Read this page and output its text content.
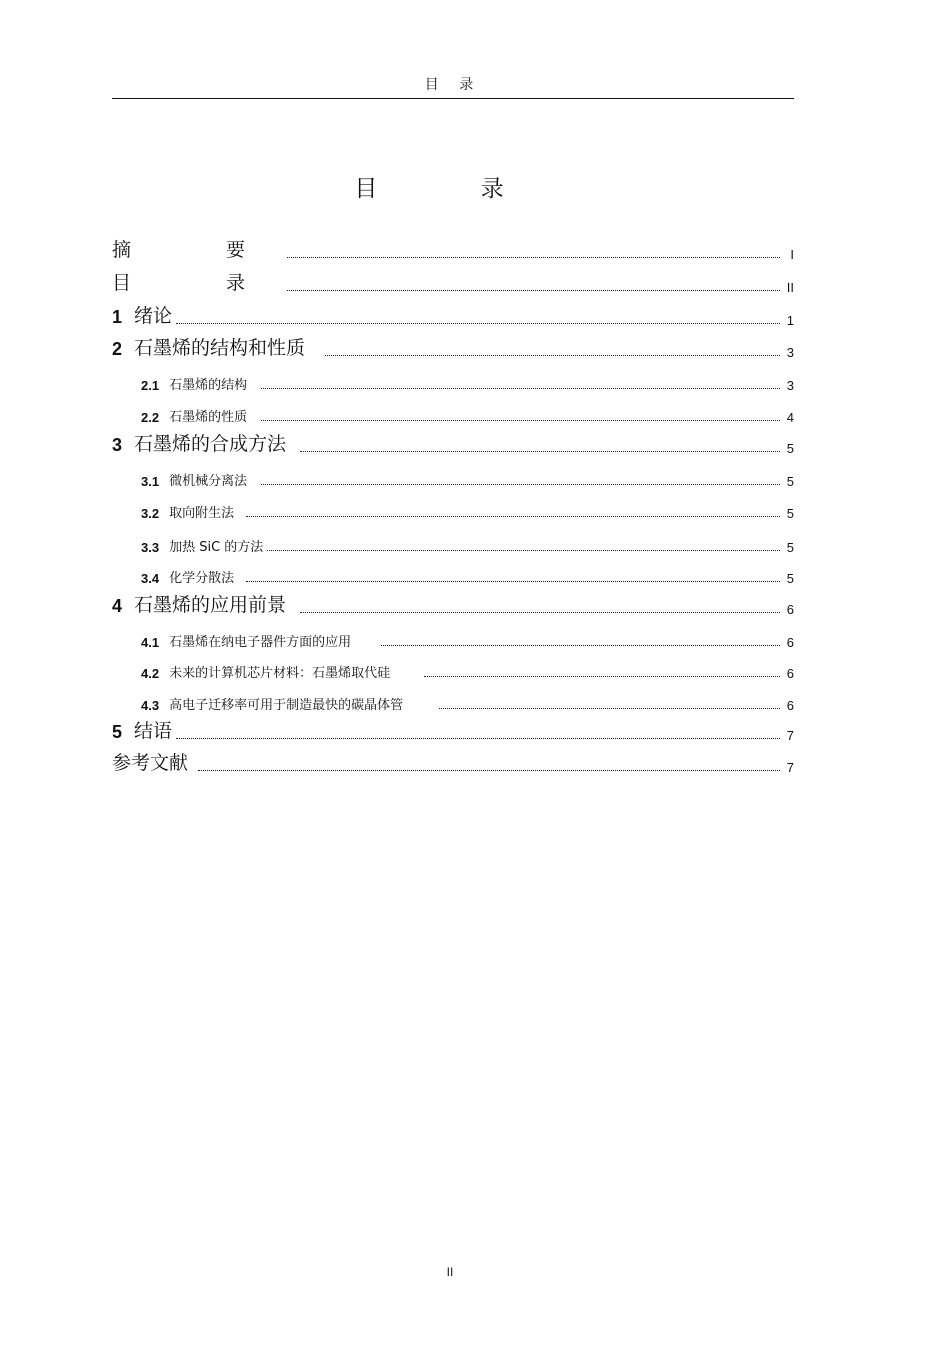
目 录
目 录
摘　要	I
目　录	II
1 绪论	1
2 石墨烯的结构和性质	3
2.1 石墨烯的结构	3
2.2 石墨烯的性质	4
3 石墨烯的合成方法	5
3.1 微机械分离法	5
3.2 取向附生法	5
3.3 加热 SiC 的方法	5
3.4 化学分散法	5
4 石墨烯的应用前景	6
4.1 石墨烯在纳电子器件方面的应用	6
4.2 未来的计算机芯片材料：石墨烯取代硅	6
4.3 高电子迁移率可用于制造最快的碳晶体管	6
5 结语	7
参考文献	7
II
